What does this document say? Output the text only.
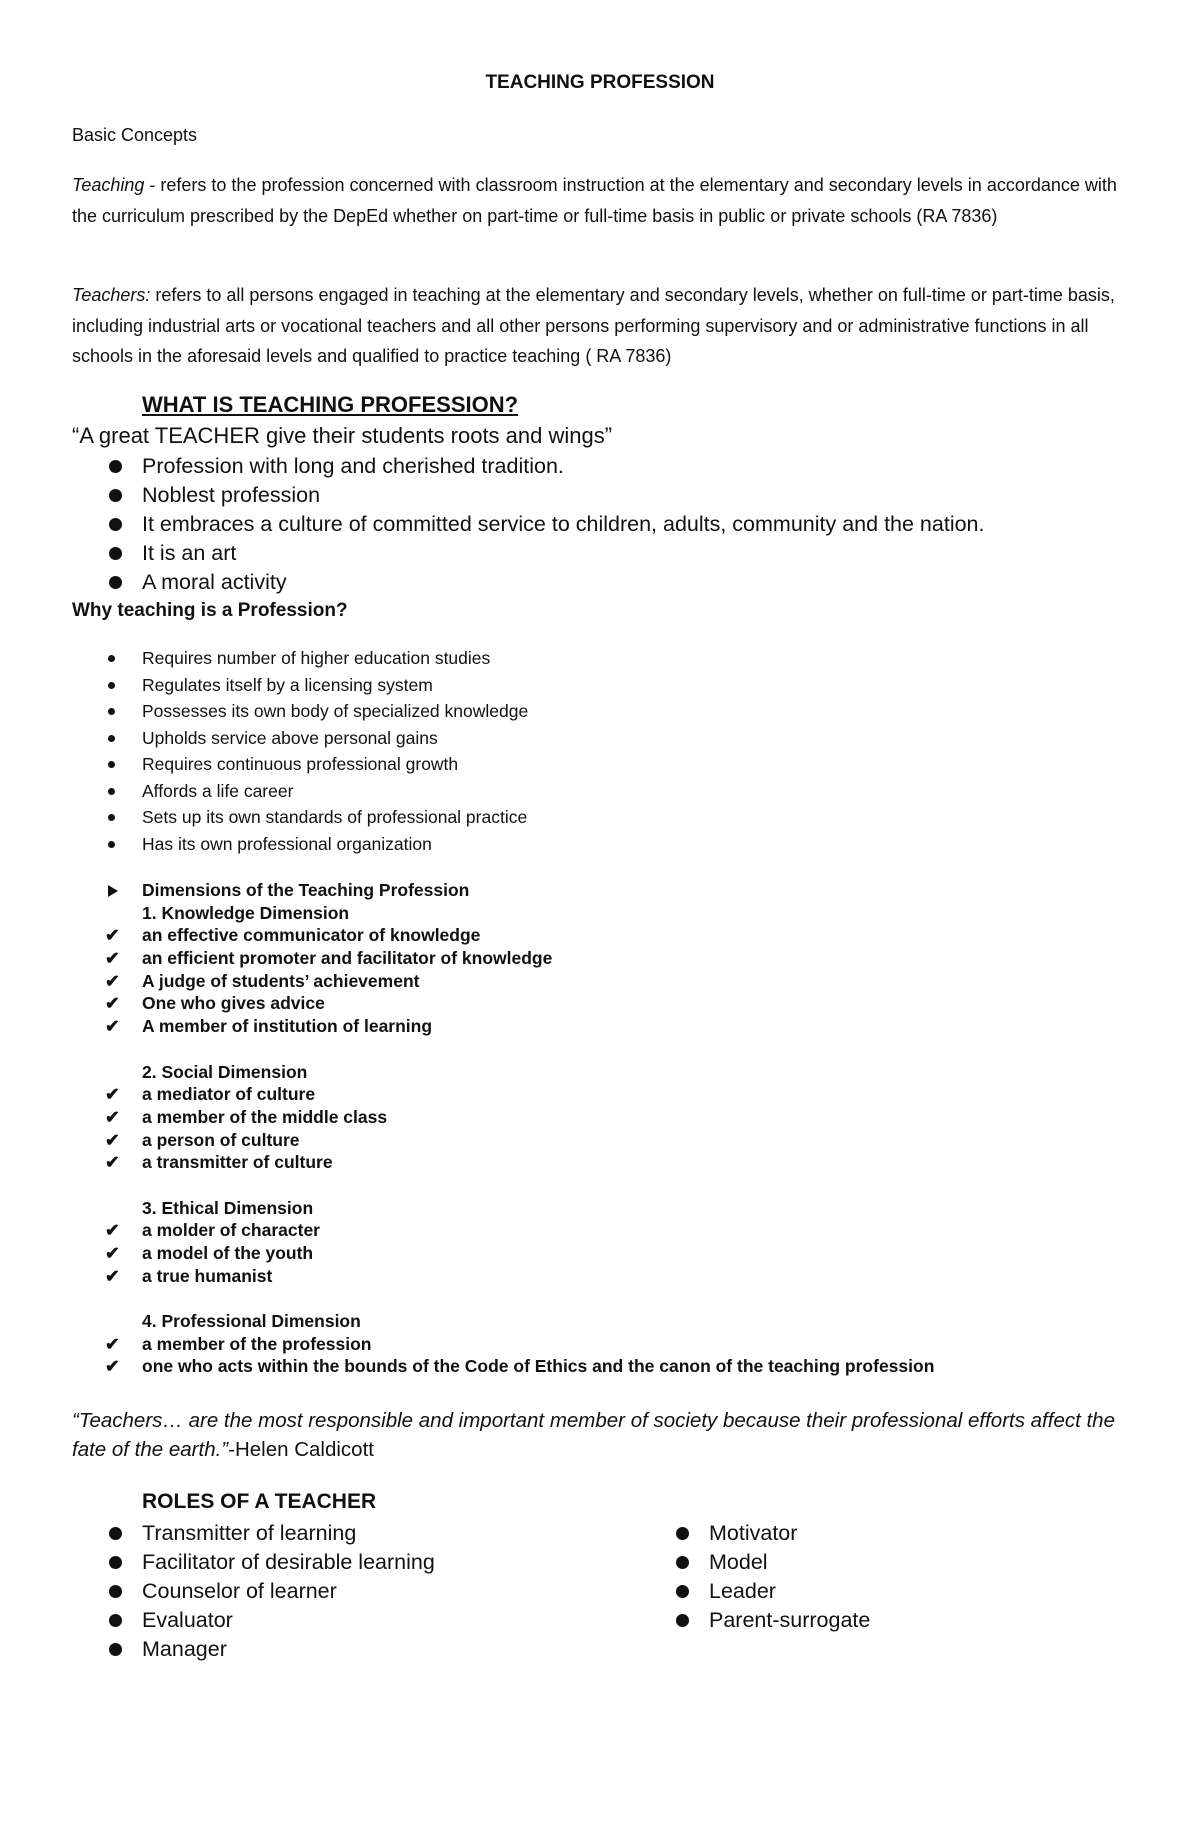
TEACHING PROFESSION
Basic Concepts
Teaching - refers to the profession concerned with classroom instruction at the elementary and secondary levels in accordance with the curriculum prescribed by the DepEd whether on part-time or full-time basis in public or private schools (RA 7836)
Teachers: refers to all persons engaged in teaching at the elementary and secondary levels, whether on full-time or part-time basis, including industrial arts or vocational teachers and all other persons performing supervisory and or administrative functions in all schools in the aforesaid levels and qualified to practice teaching ( RA 7836)
WHAT IS TEACHING PROFESSION?
“A great TEACHER give their students roots and wings”
Profession with long and cherished tradition.
Noblest profession
It embraces a culture of committed service to children, adults, community and the nation.
It is an art
A moral activity
Why teaching is a Profession?
Requires number of higher education studies
Regulates itself by a licensing system
Possesses its own body of specialized knowledge
Upholds service above personal gains
Requires continuous professional growth
Affords a life career
Sets up its own standards of professional practice
Has its own professional organization
Dimensions of the Teaching Profession
1. Knowledge Dimension
✔	an effective communicator of knowledge
✔	an efficient promoter and facilitator of knowledge
✔	A judge of students’ achievement
✔	One who gives advice
✔	A member of institution of learning
2. Social Dimension
✔	a mediator of culture
✔	a member of the middle class
✔	a person of culture
✔	a transmitter of culture
3. Ethical Dimension
✔	a molder of character
✔	a model of the youth
✔	a true humanist
4. Professional Dimension
✔	a member of the profession
✔	one who acts within the bounds of the Code of Ethics and the canon of the teaching profession
“Teachers… are the most responsible and important member of society because their professional efforts affect the fate of the earth.”-Helen Caldicott
ROLES OF A TEACHER
Transmitter of learning
Facilitator of desirable learning
Counselor of learner
Evaluator
Manager
Motivator
Model
Leader
Parent-surrogate
